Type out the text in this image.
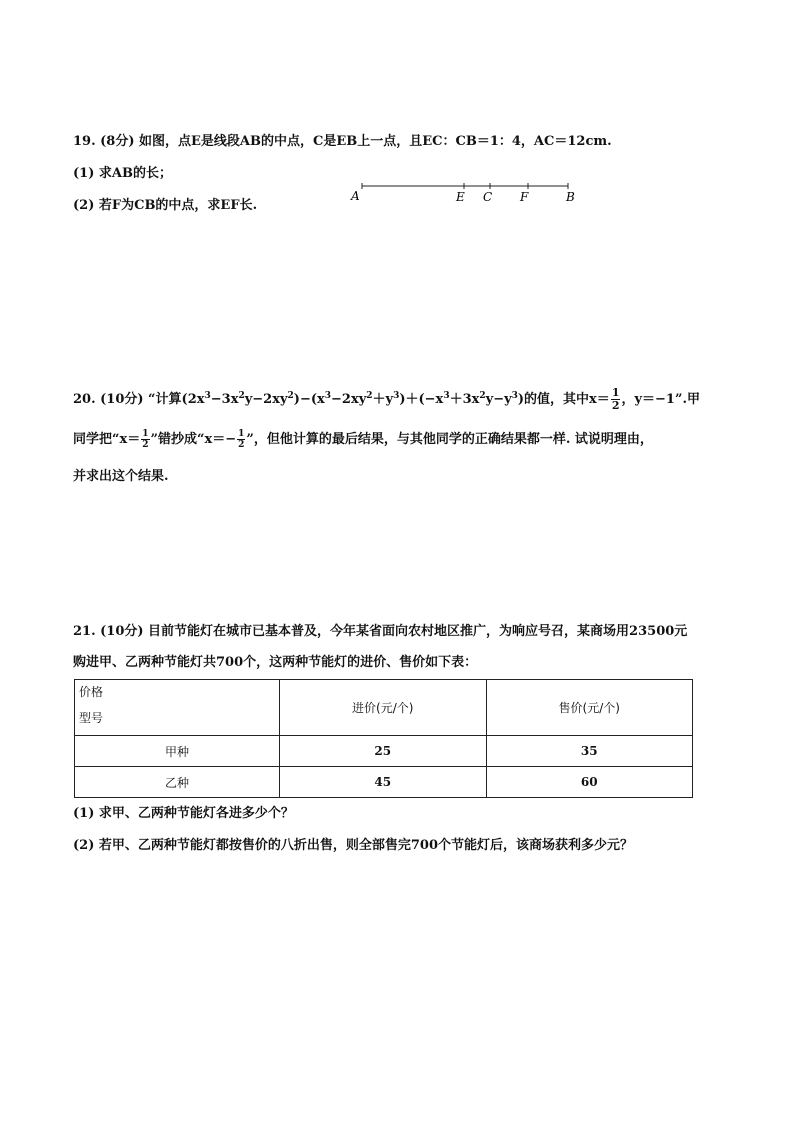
19. (8分) 如图，点E是线段AB的中点，C是EB上一点，且EC：CB＝1：4，AC＝12cm.
(1) 求AB的长；
(2) 若F为CB的中点，求EF长.
A	E C F	B
20. (10分) “计算$(2x^3-3x^2y-2xy^2)-(x^3-2xy^2+y^3)+(-x^3+3x^2y-y^3)$的值，其中$x= \frac{1}{2}$ ，y＝−1”.甲
同学把“$x= \frac{1}{2}$ ”错抄成“$x=- \frac{1}{2}$ ”，但他计算的最后结果，与其他同学的正确结果都一样. 试说明理由，
并求出这个结果.
21. (10分) 目前节能灯在城市已基本普及，今年某省面向农村地区推广，为响应号召，某商场用23500元
购进甲、乙两种节能灯共700个，这两种节能灯的进价、售价如下表：
价格
型号	进价(元/个)	售价(元/个)
甲种	25	35
乙种	45	60
(1) 求甲、乙两种节能灯各进多少个？
(2) 若甲、乙两种节能灯都按售价的八折出售，则全部售完700个节能灯后，该商场获利多少元？
